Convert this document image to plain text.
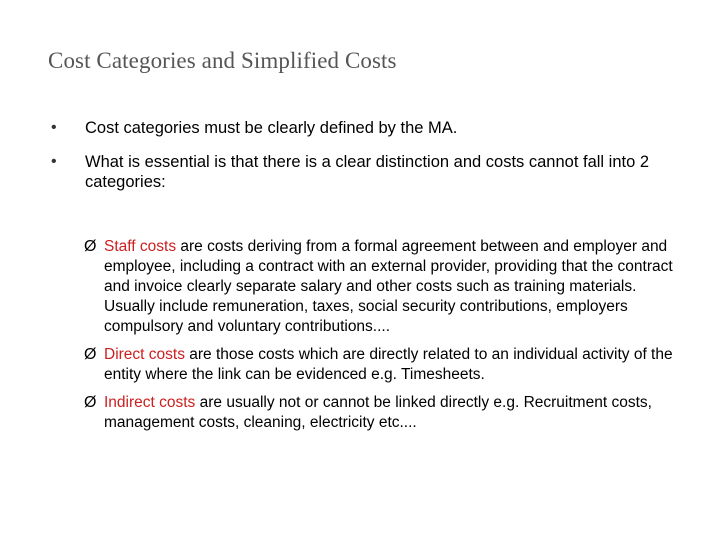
Cost Categories and Simplified Costs
• Cost categories must be clearly defined by the MA.
• What is essential is that there is a clear distinction and costs cannot fall into 2 categories:
Ø Staff costs are costs deriving from a formal agreement between and employer and employee, including a contract with an external provider, providing that the contract and invoice clearly separate salary and other costs such as training materials. Usually include remuneration, taxes, social security contributions, employers compulsory and voluntary contributions....
Ø Direct costs are those costs which are directly related to an individual activity of the entity where the link can be evidenced e.g. Timesheets.
Ø Indirect costs are usually not or cannot be linked directly e.g. Recruitment costs, management costs, cleaning, electricity etc....
